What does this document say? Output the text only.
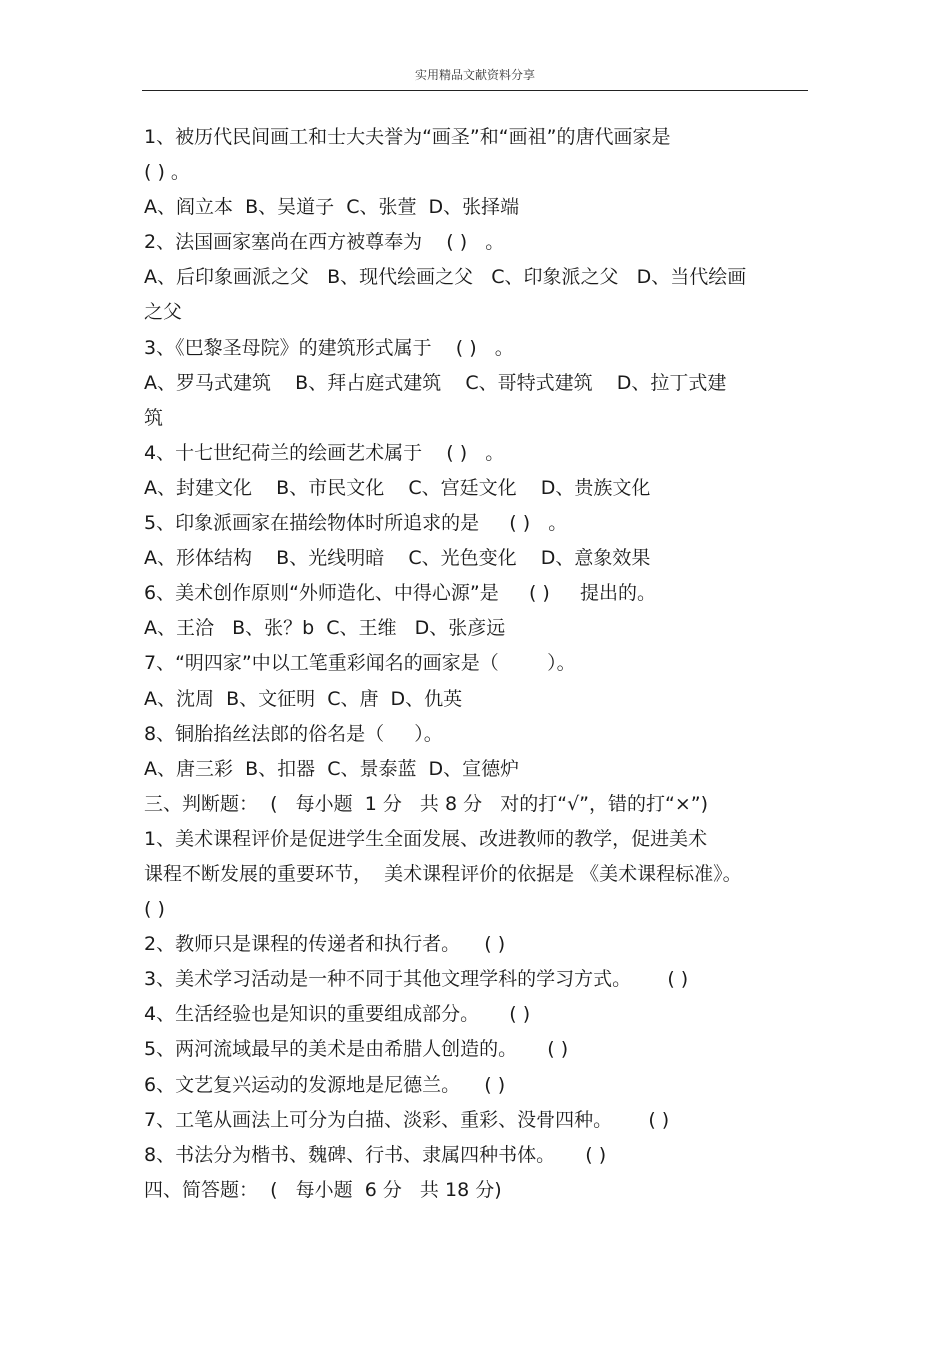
实用精品文献资料分享
1、被历代民间画工和士大夫誉为“画圣”和“画祖”的唐代画家是
( ) 。
A、阎立本  B、吴道子  C、张萱  D、张择端
2、法国画家塞尚在西方被尊奉为    ( )   。
A、后印象画派之父   B、现代绘画之父   C、印象派之父   D、当代绘画
之父
3、《巴黎圣母院》的建筑形式属于    ( )   。
A、罗马式建筑    B、拜占庭式建筑    C、哥特式建筑    D、拉丁式建
筑
4、十七世纪荷兰的绘画艺术属于    ( )   。
A、封建文化    B、市民文化    C、宫廷文化    D、贵族文化
5、印象派画家在描绘物体时所追求的是     ( )   。
A、形体结构    B、光线明暗    C、光色变化    D、意象效果
6、美术创作原则“外师造化、中得心源”是     ( )     提出的。
A、王洽   B、张？b  C、王维   D、张彦远
7、“明四家”中以工笔重彩闻名的画家是（        ）。
A、沈周  B、文征明  C、唐  D、仇英
8、铜胎掐丝法郎的俗名是（     ）。
A、唐三彩  B、扣器  C、景泰蓝  D、宣德炉
三、判断题：  (   每小题  1 分   共 8 分   对的打“√”，错的打“×”)
1、美术课程评价是促进学生全面发展、改进教师的教学，促进美术
课程不断发展的重要环节，  美术课程评价的依据是 《美术课程标准》。
( )
2、教师只是课程的传递者和执行者。    ( )
3、美术学习活动是一种不同于其他文理学科的学习方式。      ( )
4、生活经验也是知识的重要组成部分。     ( )
5、两河流域最早的美术是由希腊人创造的。     ( )
6、文艺复兴运动的发源地是尼德兰。    ( )
7、工笔从画法上可分为白描、淡彩、重彩、没骨四种。      ( )
8、书法分为楷书、魏碑、行书、隶属四种书体。     ( )
四、简答题：  (   每小题  6 分   共 18 分)
